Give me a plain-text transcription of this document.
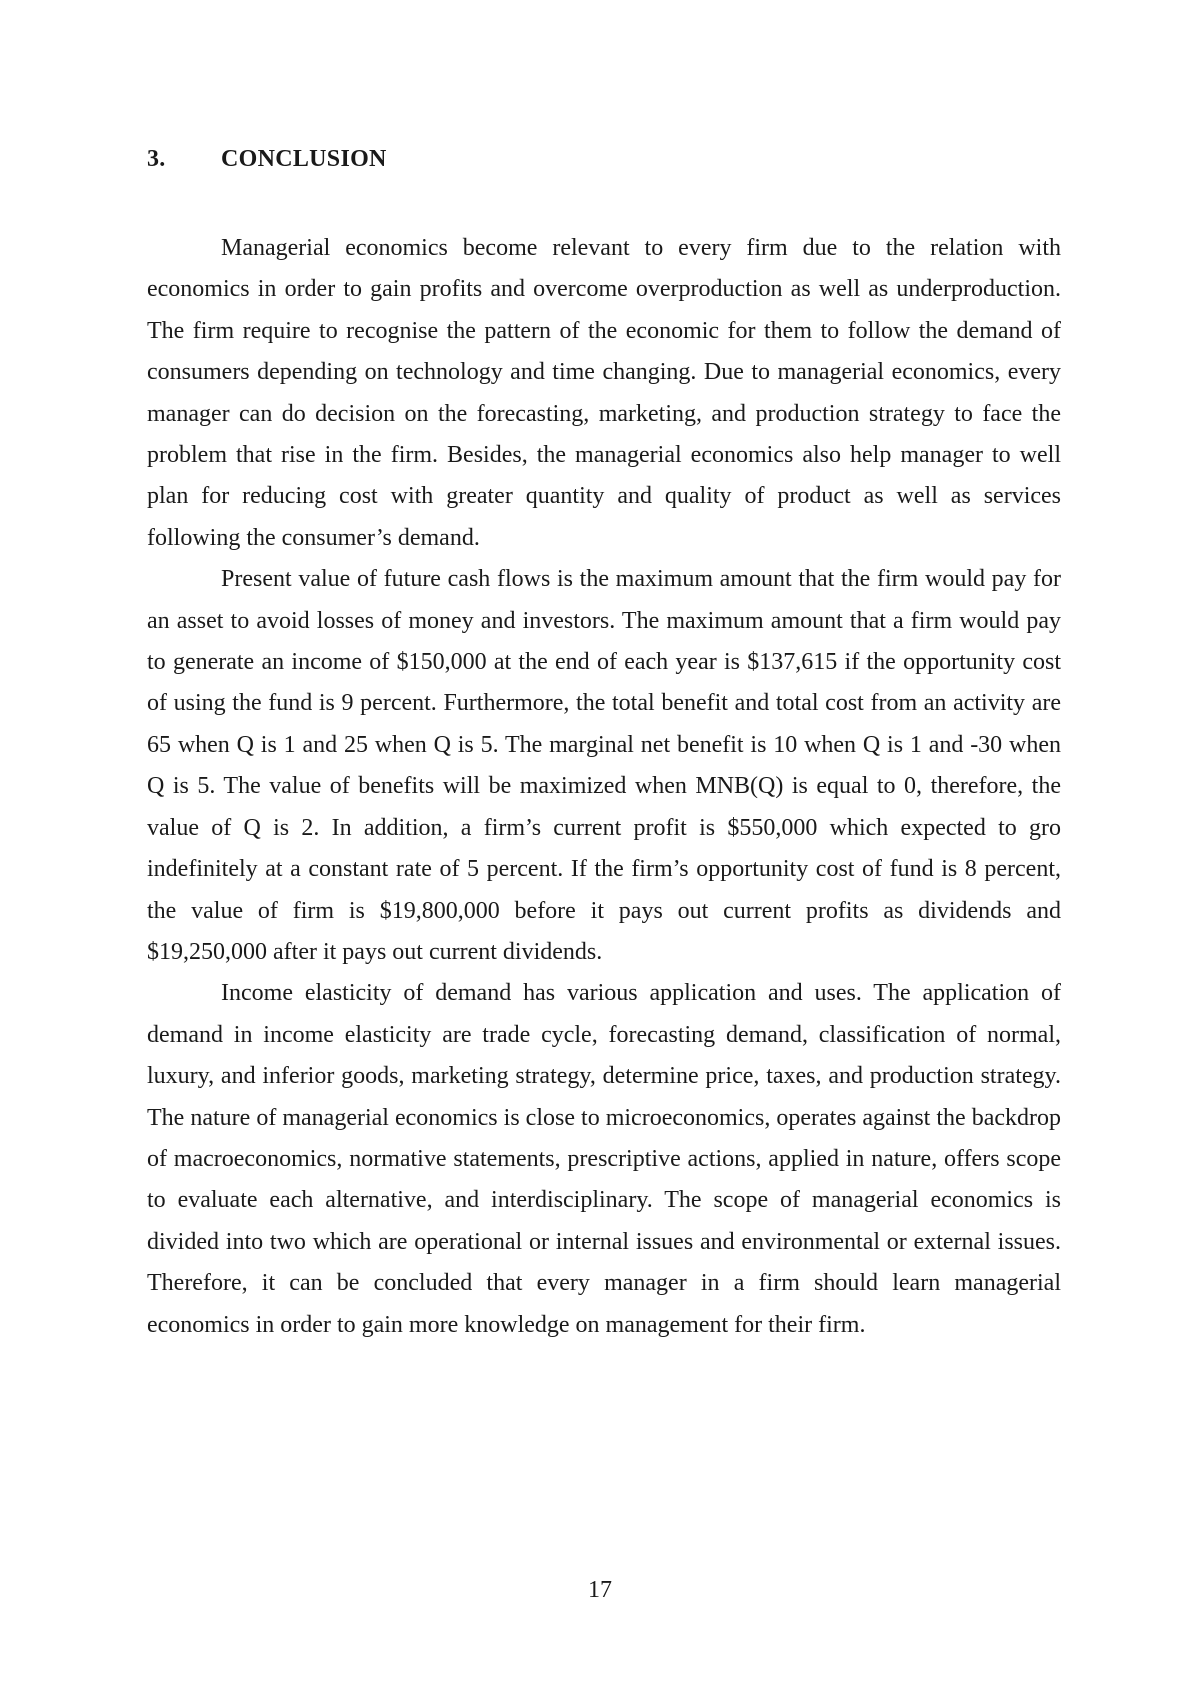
3.	CONCLUSION

Managerial economics become relevant to every firm due to the relation with economics in order to gain profits and overcome overproduction as well as underproduction. The firm require to recognise the pattern of the economic for them to follow the demand of consumers depending on technology and time changing. Due to managerial economics, every manager can do decision on the forecasting, marketing, and production strategy to face the problem that rise in the firm. Besides, the managerial economics also help manager to well plan for reducing cost with greater quantity and quality of product as well as services following the consumer’s demand.

Present value of future cash flows is the maximum amount that the firm would pay for an asset to avoid losses of money and investors. The maximum amount that a firm would pay to generate an income of $150,000 at the end of each year is $137,615 if the opportunity cost of using the fund is 9 percent. Furthermore, the total benefit and total cost from an activity are 65 when Q is 1 and 25 when Q is 5. The marginal net benefit is 10 when Q is 1 and -30 when Q is 5. The value of benefits will be maximized when MNB(Q) is equal to 0, therefore, the value of Q is 2. In addition, a firm’s current profit is $550,000 which expected to gro indefinitely at a constant rate of 5 percent. If the firm’s opportunity cost of fund is 8 percent, the value of firm is $19,800,000 before it pays out current profits as dividends and $19,250,000 after it pays out current dividends.

Income elasticity of demand has various application and uses. The application of demand in income elasticity are trade cycle, forecasting demand, classification of normal, luxury, and inferior goods, marketing strategy, determine price, taxes, and production strategy. The nature of managerial economics is close to microeconomics, operates against the backdrop of macroeconomics, normative statements, prescriptive actions, applied in nature, offers scope to evaluate each alternative, and interdisciplinary. The scope of managerial economics is divided into two which are operational or internal issues and environmental or external issues. Therefore, it can be concluded that every manager in a firm should learn managerial economics in order to gain more knowledge on management for their firm.

17
